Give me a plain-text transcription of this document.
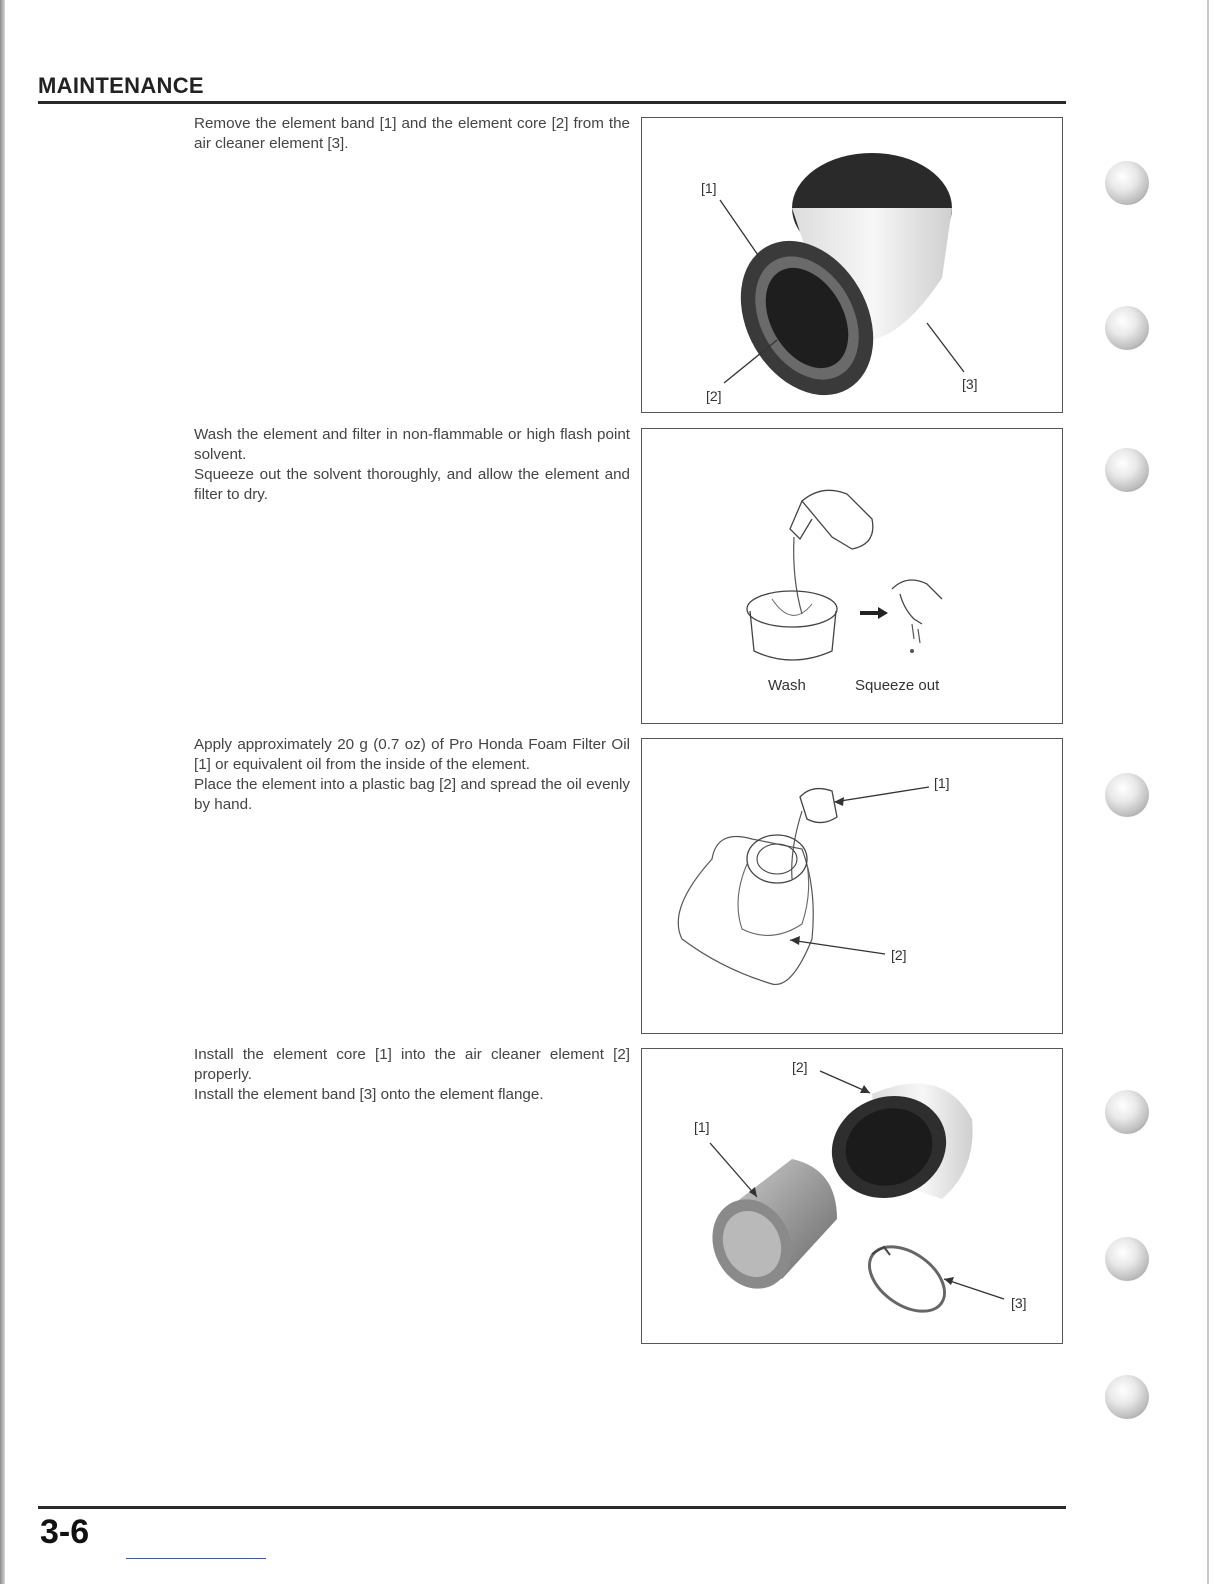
MAINTENANCE

Remove the element band [1] and the element core [2] from the air cleaner element [3].

[1]
[2]
[3]

Wash the element and filter in non-flammable or high flash point solvent.

Squeeze out the solvent thoroughly, and allow the element and filter to dry.

Wash	Squeeze out

Apply approximately 20 g (0.7 oz) of Pro Honda Foam Filter Oil [1] or equivalent oil from the inside of the element.

Place the element into a plastic bag [2] and spread the oil evenly by hand.

[1]
[2]

Install the element core [1] into the air cleaner element [2] properly.

Install the element band [3] onto the element flange.

[2]
[1]
[3]
3-6
